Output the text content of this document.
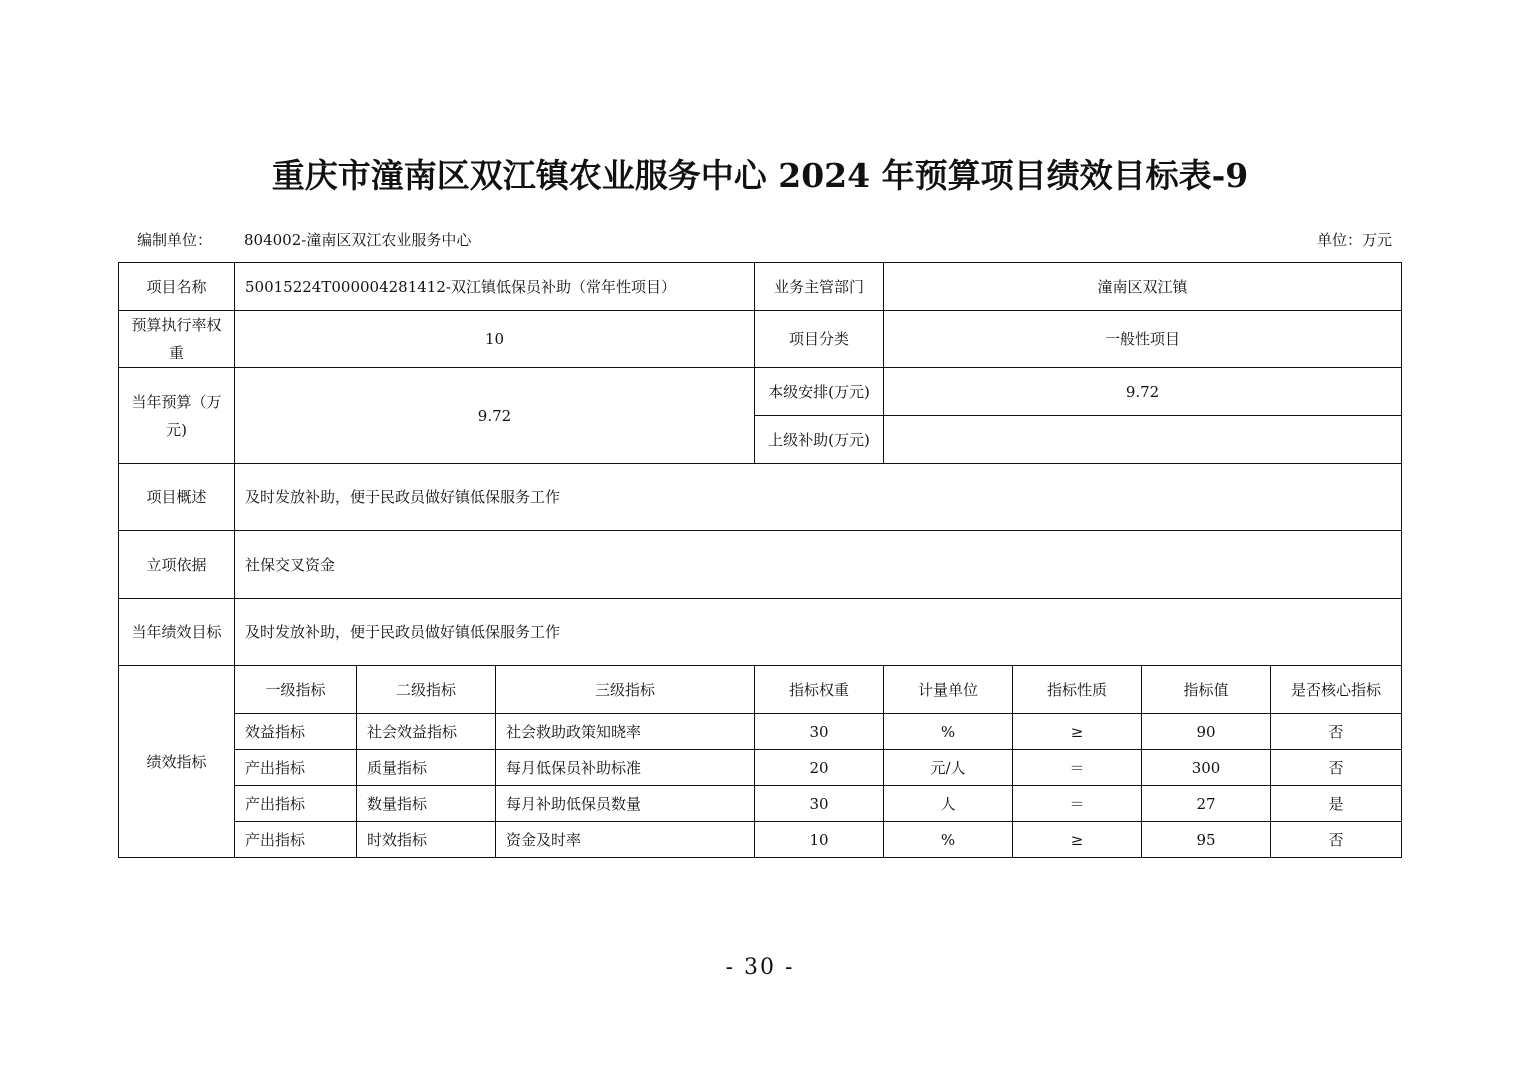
重庆市潼南区双江镇农业服务中心 2024 年预算项目绩效目标表-9
编制单位： 804002-潼南区双江农业服务中心	单位：万元
项目名称	50015224T000004281412-双江镇低保员补助（常年性项目）			业务主管部门	潼南区双江镇			
预算执行率权重	10			项目分类	一般性项目			
当年预算（万元)	9.72			本级安排(万元)	9.72			
				上级补助(万元)				
项目概述	及时发放补助，便于民政员做好镇低保服务工作							
立项依据	社保交叉资金							
当年绩效目标	及时发放补助，便于民政员做好镇低保服务工作							
绩效指标	一级指标	二级指标	三级指标	指标权重	计量单位	指标性质	指标值	是否核心指标
	效益指标	社会效益指标	社会救助政策知晓率	30	%	≥	90	否
	产出指标	质量指标	每月低保员补助标准	20	元/人	＝	300	否
	产出指标	数量指标	每月补助低保员数量	30	人	＝	27	是
	产出指标	时效指标	资金及时率	10	%	≥	95	否
- 30 -
